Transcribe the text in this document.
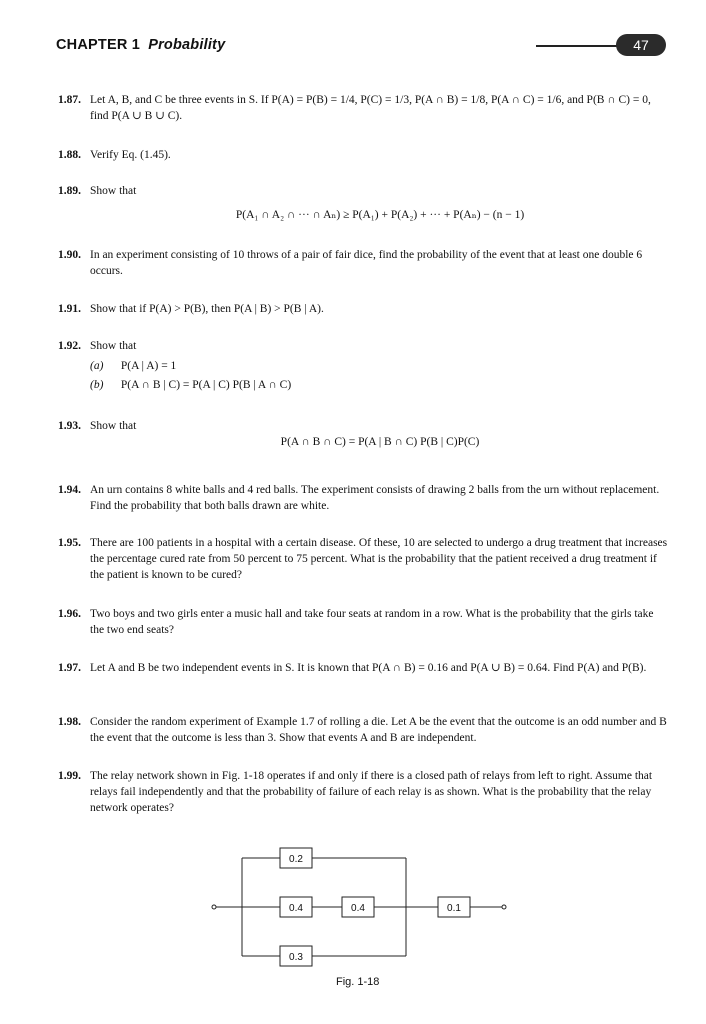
CHAPTER 1 Probability	47
1.87. Let A, B, and C be three events in S. If P(A) = P(B) = 1/4, P(C) = 1/3, P(A ∩ B) = 1/8, P(A ∩ C) = 1/6, and P(B ∩ C) = 0, find P(A ∪ B ∪ C).

1.88. Verify Eq. (1.45).

1.89. Show that

P(A₁ ∩ A₂ ∩ ··· ∩ Aₙ) ≥ P(A₁) + P(A₂) + ··· + P(Aₙ) − (n − 1)

1.90. In an experiment consisting of 10 throws of a pair of fair dice, find the probability of the event that at least one double 6 occurs.

1.91. Show that if P(A) > P(B), then P(A | B) > P(B | A).

1.92. Show that

(a) P(A | A) = 1
(b) P(A ∩ B | C) = P(A | C) P(B | A ∩ C)
1.93. Show that

P(A ∩ B ∩ C) = P(A | B ∩ C) P(B | C)P(C)

1.94. An urn contains 8 white balls and 4 red balls. The experiment consists of drawing 2 balls from the urn without replacement. Find the probability that both balls drawn are white.

1.95. There are 100 patients in a hospital with a certain disease. Of these, 10 are selected to undergo a drug treatment that increases the percentage cured rate from 50 percent to 75 percent. What is the probability that the patient received a drug treatment if the patient is known to be cured?

1.96. Two boys and two girls enter a music hall and take four seats at random in a row. What is the probability that the girls take the two end seats?

1.97. Let A and B be two independent events in S. It is known that P(A ∩ B) = 0.16 and P(A ∪ B) = 0.64. Find P(A) and P(B).

1.98. Consider the random experiment of Example 1.7 of rolling a die. Let A be the event that the outcome is an odd number and B the event that the outcome is less than 3. Show that events A and B are independent.

1.99. The relay network shown in Fig. 1-18 operates if and only if there is a closed path of relays from left to right. Assume that relays fail independently and that the probability of failure of each relay is as shown. What is the probability that the relay network operates?

0.2
0.4	0.4	0.1
0.3
Fig. 1-18
